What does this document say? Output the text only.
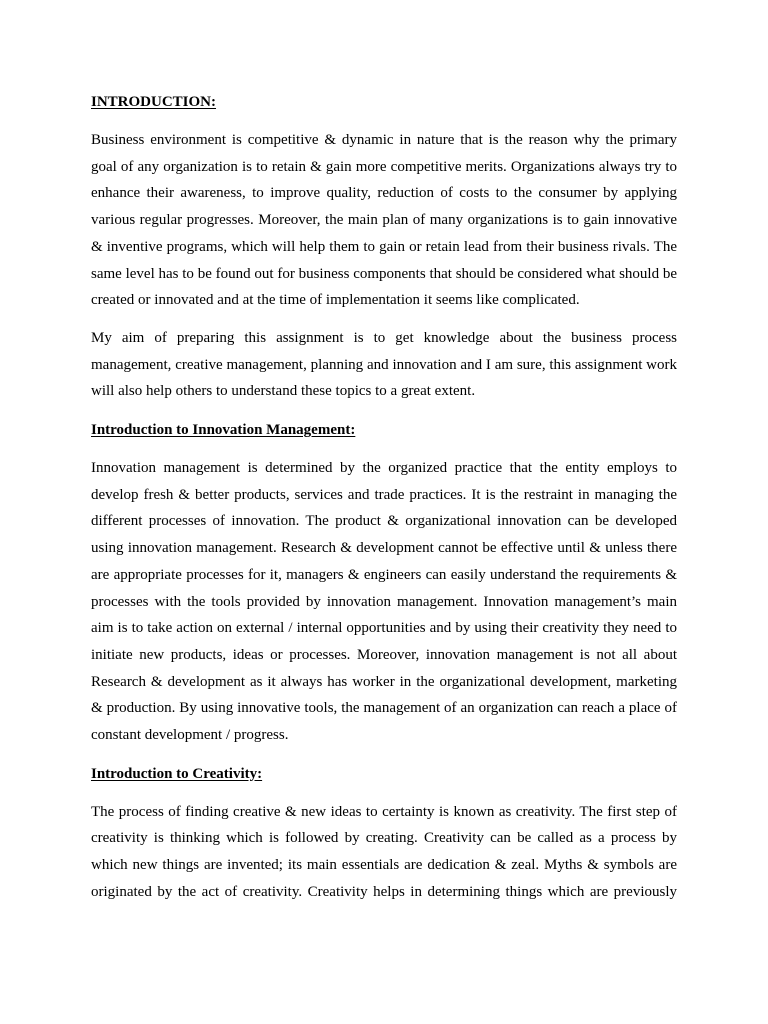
INTRODUCTION:

Business environment is competitive & dynamic in nature that is the reason why the primary goal of any organization is to retain & gain more competitive merits. Organizations always try to enhance their awareness, to improve quality, reduction of costs to the consumer by applying various regular progresses. Moreover, the main plan of many organizations is to gain innovative & inventive programs, which will help them to gain or retain lead from their business rivals. The same level has to be found out for business components that should be considered what should be created or innovated and at the time of implementation it seems like complicated.

My aim of preparing this assignment is to get knowledge about the business process management, creative management, planning and innovation and I am sure, this assignment work will also help others to understand these topics to a great extent.

Introduction to Innovation Management:

Innovation management is determined by the organized practice that the entity employs to develop fresh & better products, services and trade practices. It is the restraint in managing the different processes of innovation. The product & organizational innovation can be developed using innovation management. Research & development cannot be effective until & unless there are appropriate processes for it, managers & engineers can easily understand the requirements & processes with the tools provided by innovation management. Innovation management’s main aim is to take action on external / internal opportunities and by using their creativity they need to initiate new products, ideas or processes. Moreover, innovation management is not all about Research & development as it always has worker in the organizational development, marketing & production. By using innovative tools, the management of an organization can reach a place of constant development / progress.

Introduction to Creativity:

The process of finding creative & new ideas to certainty is known as creativity. The first step of creativity is thinking which is followed by creating. Creativity can be called as a process by which new things are invented; its main essentials are dedication & zeal. Myths & symbols are originated by the act of creativity. Creativity helps in determining things which are previously
